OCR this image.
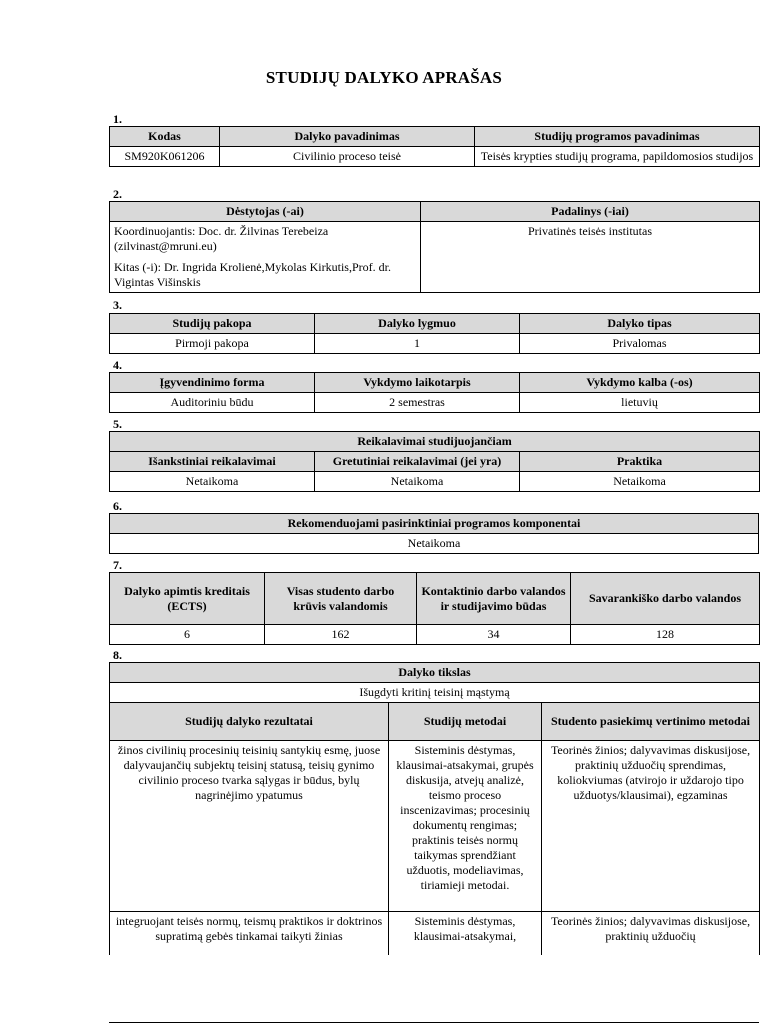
STUDIJŲ DALYKO APRAŠAS
1.
Kodas	Dalyko pavadinimas	Studijų programos pavadinimas
SM920K061206	Civilinio proceso teisė	Teisės krypties studijų programa, papildomosios studijos
2.
Dėstytojas (-ai)	Padalinys (-iai)

Koordinuojantis: Doc. dr. Žilvinas Terebeiza (zilvinast@mruni.eu)

Kitas (-i): Dr. Ingrida Krolienė,Mykolas Kirkutis,Prof. dr. Vigintas Višinskis	Privatinės teisės institutas
3.
Studijų pakopa	Dalyko lygmuo	Dalyko tipas
Pirmoji pakopa	1	Privalomas
4.
Įgyvendinimo forma	Vykdymo laikotarpis	Vykdymo kalba (-os)
Auditoriniu būdu	2 semestras	lietuvių
5.
Reikalavimai studijuojančiam		
Išankstiniai reikalavimai	Gretutiniai reikalavimai (jei yra)	Praktika
Netaikoma	Netaikoma	Netaikoma
6.
Rekomenduojami pasirinktiniai programos komponentai
Netaikoma
7.
Dalyko apimtis kreditais (ECTS)	Visas studento darbo krūvis valandomis	Kontaktinio darbo valandos ir studijavimo būdas	Savarankiško darbo valandos
6	162	34	128
8.
Dalyko tikslas		
Išugdyti kritinį teisinį mąstymą		
Studijų dalyko rezultatai	Studijų metodai	Studento pasiekimų vertinimo metodai
žinos civilinių procesinių teisinių santykių esmę, juose dalyvaujančių subjektų teisinį statusą, teisių gynimo civilinio proceso tvarka sąlygas ir būdus, bylų nagrinėjimo ypatumus	Sisteminis dėstymas, klausimai-atsakymai, grupės diskusija, atvejų analizė, teismo proceso inscenizavimas; procesinių dokumentų rengimas; praktinis teisės normų taikymas sprendžiant užduotis, modeliavimas, tiriamieji metodai.	Teorinės žinios; dalyvavimas diskusijose, praktinių užduočių sprendimas, koliokviumas (atvirojo ir uždarojo tipo užduotys/klausimai), egzaminas
integruojant teisės normų, teismų praktikos ir doktrinos supratimą gebės tinkamai taikyti žinias	Sisteminis dėstymas, klausimai-atsakymai,	Teorinės žinios; dalyvavimas diskusijose, praktinių užduočių
